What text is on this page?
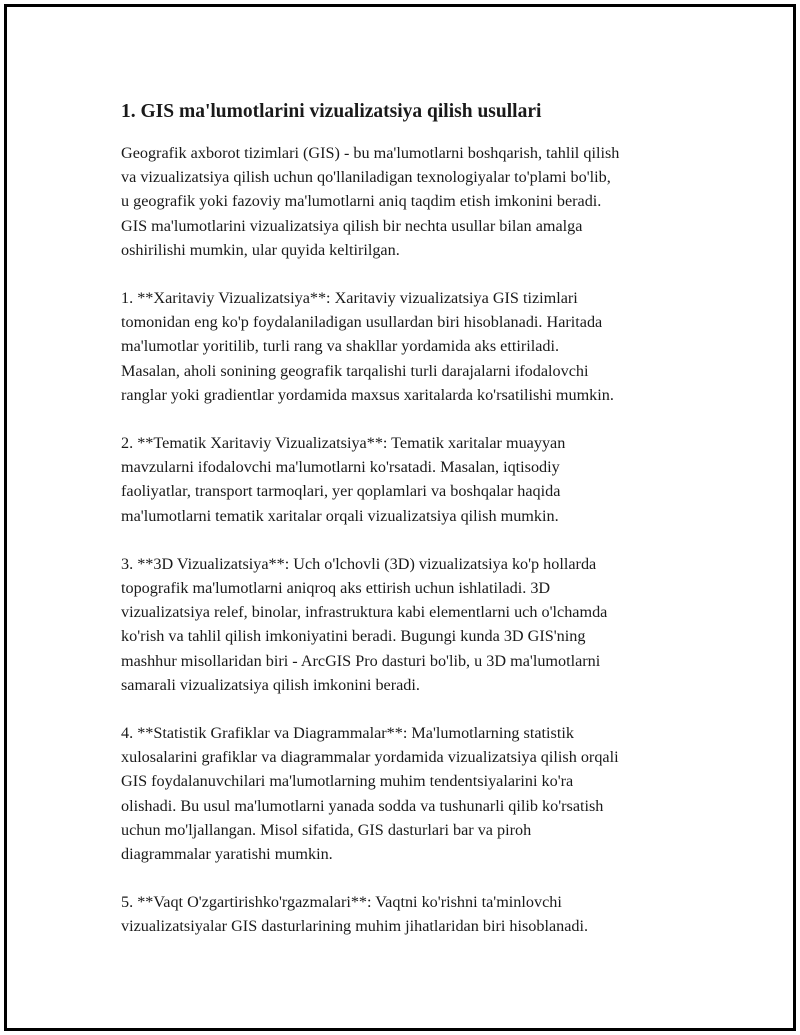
1. GIS ma'lumotlarini vizualizatsiya qilish usullari

Geografik axborot tizimlari (GIS) - bu ma'lumotlarni boshqarish, tahlil qilish
va vizualizatsiya qilish uchun qo'llaniladigan texnologiyalar to'plami bo'lib,
u geografik yoki fazoviy ma'lumotlarni aniq taqdim etish imkonini beradi.
GIS ma'lumotlarini vizualizatsiya qilish bir nechta usullar bilan amalga
oshirilishi mumkin, ular quyida keltirilgan.

1. **Xaritaviy Vizualizatsiya**: Xaritaviy vizualizatsiya GIS tizimlari
tomonidan eng ko'p foydalaniladigan usullardan biri hisoblanadi. Haritada
ma'lumotlar yoritilib, turli rang va shakllar yordamida aks ettiriladi.
Masalan, aholi sonining geografik tarqalishi turli darajalarni ifodalovchi
ranglar yoki gradientlar yordamida maxsus xaritalarda ko'rsatilishi mumkin.

2. **Tematik Xaritaviy Vizualizatsiya**: Tematik xaritalar muayyan
mavzularni ifodalovchi ma'lumotlarni ko'rsatadi. Masalan, iqtisodiy
faoliyatlar, transport tarmoqlari, yer qoplamlari va boshqalar haqida
ma'lumotlarni tematik xaritalar orqali vizualizatsiya qilish mumkin.

3. **3D Vizualizatsiya**: Uch o'lchovli (3D) vizualizatsiya ko'p hollarda
topografik ma'lumotlarni aniqroq aks ettirish uchun ishlatiladi. 3D
vizualizatsiya relef, binolar, infrastruktura kabi elementlarni uch o'lchamda
ko'rish va tahlil qilish imkoniyatini beradi. Bugungi kunda 3D GIS'ning
mashhur misollaridan biri - ArcGIS Pro dasturi bo'lib, u 3D ma'lumotlarni
samarali vizualizatsiya qilish imkonini beradi.

4. **Statistik Grafiklar va Diagrammalar**: Ma'lumotlarning statistik
xulosalarini grafiklar va diagrammalar yordamida vizualizatsiya qilish orqali
GIS foydalanuvchilari ma'lumotlarning muhim tendentsiyalarini ko'ra
olishadi. Bu usul ma'lumotlarni yanada sodda va tushunarli qilib ko'rsatish
uchun mo'ljallangan. Misol sifatida, GIS dasturlari bar va piroh
diagrammalar yaratishi mumkin.

5. **Vaqt O'zgartirishko'rgazmalari**: Vaqtni ko'rishni ta'minlovchi
vizualizatsiyalar GIS dasturlarining muhim jihatlaridan biri hisoblanadi.
